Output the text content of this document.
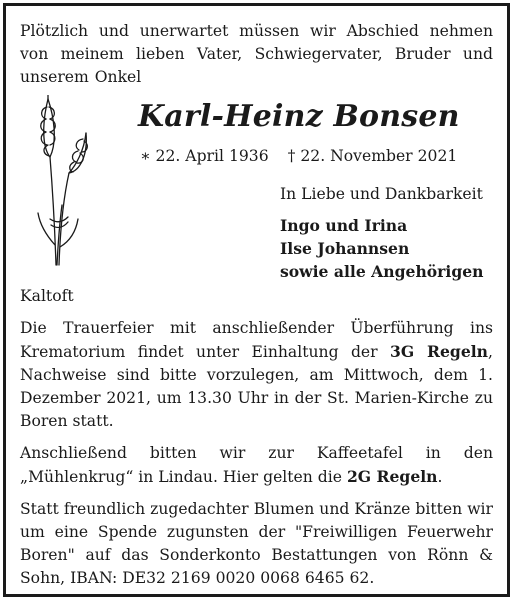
Plötzlich und unerwartet müssen wir Abschied nehmen von meinem lieben Vater, Schwiegervater, Bruder und unserem Onkel

Karl-Heinz Bonsen
∗ 22. April 1936 † 22. November 2021
In Liebe und Dankbarkeit
Ingo und Irina
Ilse Johannsen
sowie alle Angehörigen

Kaltoft

Die Trauerfeier mit anschließender Überführung ins Krematorium findet unter Einhaltung der 3G Regeln, Nachweise sind bitte vorzulegen, am Mittwoch, dem 1. Dezember 2021, um 13.30 Uhr in der St. Marien-Kirche zu Boren statt.

Anschließend bitten wir zur Kaffeetafel in den „Mühlenkrug“ in Lindau. Hier gelten die 2G Regeln.

Statt freundlich zugedachter Blumen und Kränze bitten wir um eine Spende zugunsten der "Freiwilligen Feuerwehr Boren" auf das Sonderkonto Bestattungen von Rönn & Sohn, IBAN: DE32 2169 0020 0068 6465 62.
